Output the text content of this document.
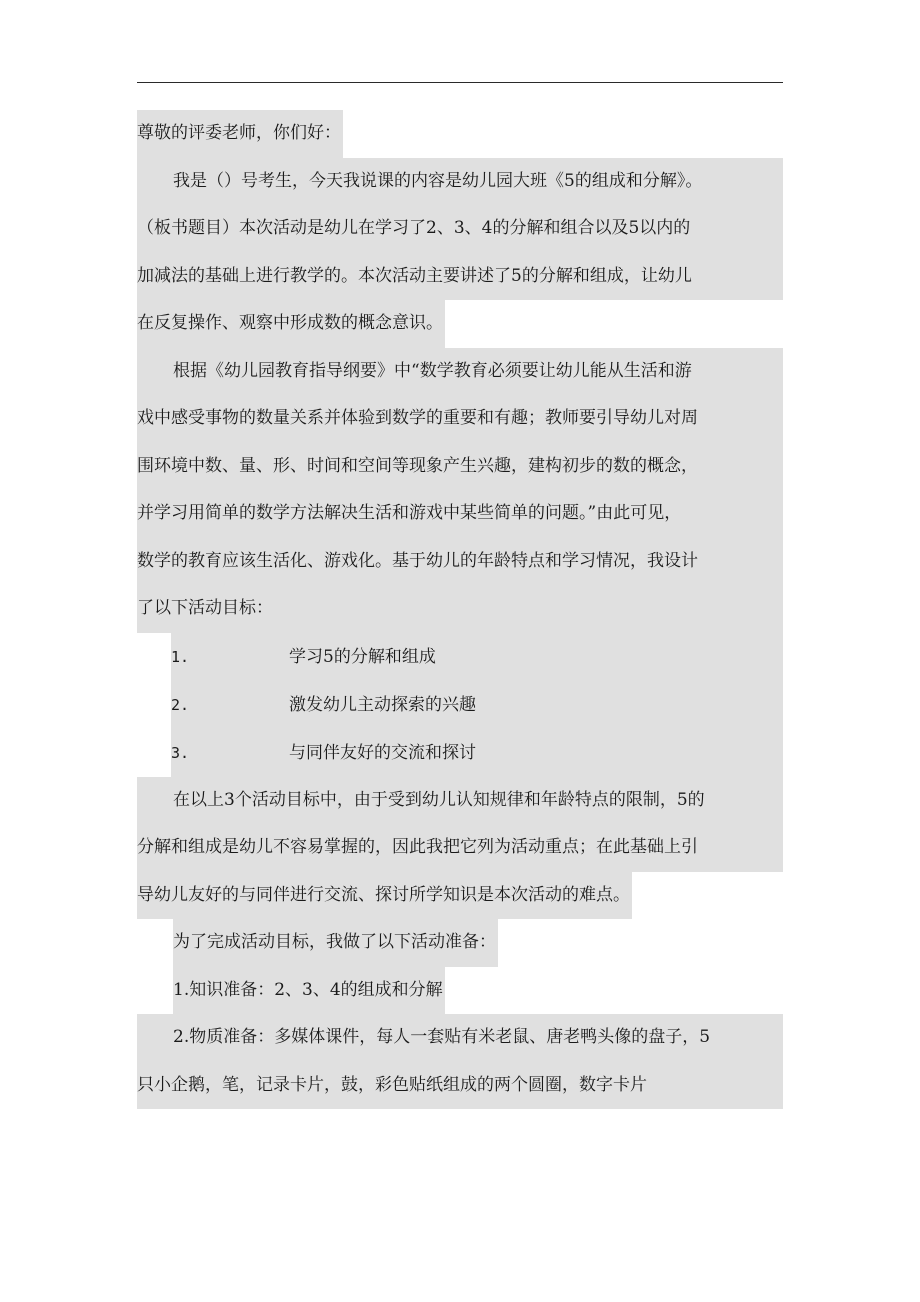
尊敬的评委老师，你们好：
我是（）号考生，今天我说课的内容是幼儿园大班《5的组成和分解》。
（板书题目）本次活动是幼儿在学习了2、3、4的分解和组合以及5以内的
加减法的基础上进行教学的。本次活动主要讲述了5的分解和组成，让幼儿
在反复操作、观察中形成数的概念意识。
根据《幼儿园教育指导纲要》中“数学教育必须要让幼儿能从生活和游
戏中感受事物的数量关系并体验到数学的重要和有趣；教师要引导幼儿对周
围环境中数、量、形、时间和空间等现象产生兴趣，建构初步的数的概念，
并学习用简单的数学方法解决生活和游戏中某些简单的问题。”由此可见，
数学的教育应该生活化、游戏化。基于幼儿的年龄特点和学习情况，我设计
了以下活动目标：
1.	学习5的分解和组成
2.	激发幼儿主动探索的兴趣
3.	与同伴友好的交流和探讨
在以上3个活动目标中，由于受到幼儿认知规律和年龄特点的限制，5的
分解和组成是幼儿不容易掌握的，因此我把它列为活动重点；在此基础上引
导幼儿友好的与同伴进行交流、探讨所学知识是本次活动的难点。
为了完成活动目标，我做了以下活动准备：
1.知识准备：2、3、4的组成和分解
2.物质准备：多媒体课件，每人一套贴有米老鼠、唐老鸭头像的盘子，5
只小企鹅，笔，记录卡片，鼓，彩色贴纸组成的两个圆圈，数字卡片
